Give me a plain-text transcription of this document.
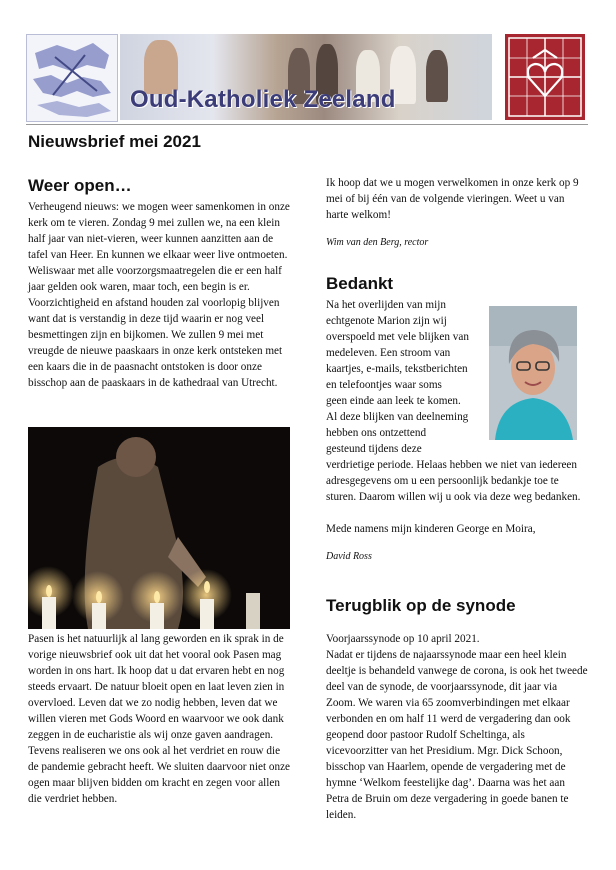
Oud-Katholiek Zeeland
Nieuwsbrief mei 2021
Weer open…

Verheugend nieuws: we mogen weer samenkomen in onze kerk om te vieren. Zondag 9 mei zullen we, na een klein half jaar van niet-vieren, weer kunnen aanzitten aan de tafel van Heer. En kunnen we elkaar weer live ontmoeten. Weliswaar met alle voorzorgsmaatregelen die er een half jaar gelden ook waren, maar toch, een begin is er. Voorzichtigheid en afstand houden zal voorlopig blijven want dat is verstandig in deze tijd waarin er nog veel besmettingen zijn en bijkomen. We zullen 9 mei met vreugde de nieuwe paaskaars in onze kerk ontsteken met een kaars die in de paasnacht ontstoken is door onze bisschop aan de paaskaars in de kathedraal van Utrecht.

Pasen is het natuurlijk al lang geworden en ik sprak in de vorige nieuwsbrief ook uit dat het vooral ook Pasen mag worden in ons hart. Ik hoop dat u dat ervaren hebt en nog steeds ervaart. De natuur bloeit open en laat leven zien in overvloed. Leven dat we zo nodig hebben, leven dat we willen vieren met Gods Woord en waarvoor we ook dank zeggen in de eucharistie als wij onze gaven aandragen.

Tevens realiseren we ons ook al het verdriet en rouw die de pandemie gebracht heeft. We sluiten daarvoor niet onze ogen maar blijven bidden om kracht en zegen voor allen die verdriet hebben.

Ik hoop dat we u mogen verwelkomen in onze kerk op 9 mei of bij één van de volgende vieringen. Weet u van harte welkom!

Wim van den Berg, rector

Bedankt

Na het overlijden van mijn

echtgenote Marion zijn wij

overspoeld met vele blijken van

medeleven. Een stroom van

kaartjes, e-mails, tekstberichten

en telefoontjes waar soms

geen einde aan leek te komen.

Al deze blijken van deelneming

hebben ons ontzettend

gesteund tijdens deze

verdrietige periode. Helaas hebben we niet van iedereen adresgegevens om u een persoonlijk bedankje toe te sturen. Daarom willen wij u ook via deze weg bedanken.

Mede namens mijn kinderen George en Moira,

David Ross

Terugblik op de synode

Voorjaarssynode op 10 april 2021.

Nadat er tijdens de najaarssynode maar een heel klein deeltje is behandeld vanwege de corona, is ook het tweede deel van de synode, de voorjaarssynode, dit jaar via Zoom. We waren via 65 zoomverbindingen met elkaar verbonden en om half 11 werd de vergadering dan ook geopend door pastoor Rudolf Scheltinga, als vicevoorzitter van het Presidium. Mgr. Dick Schoon, bisschop van Haarlem, opende de vergadering met de hymne ‘Welkom feestelijke dag’. Daarna was het aan Petra de Bruin om deze vergadering in goede banen te leiden.
